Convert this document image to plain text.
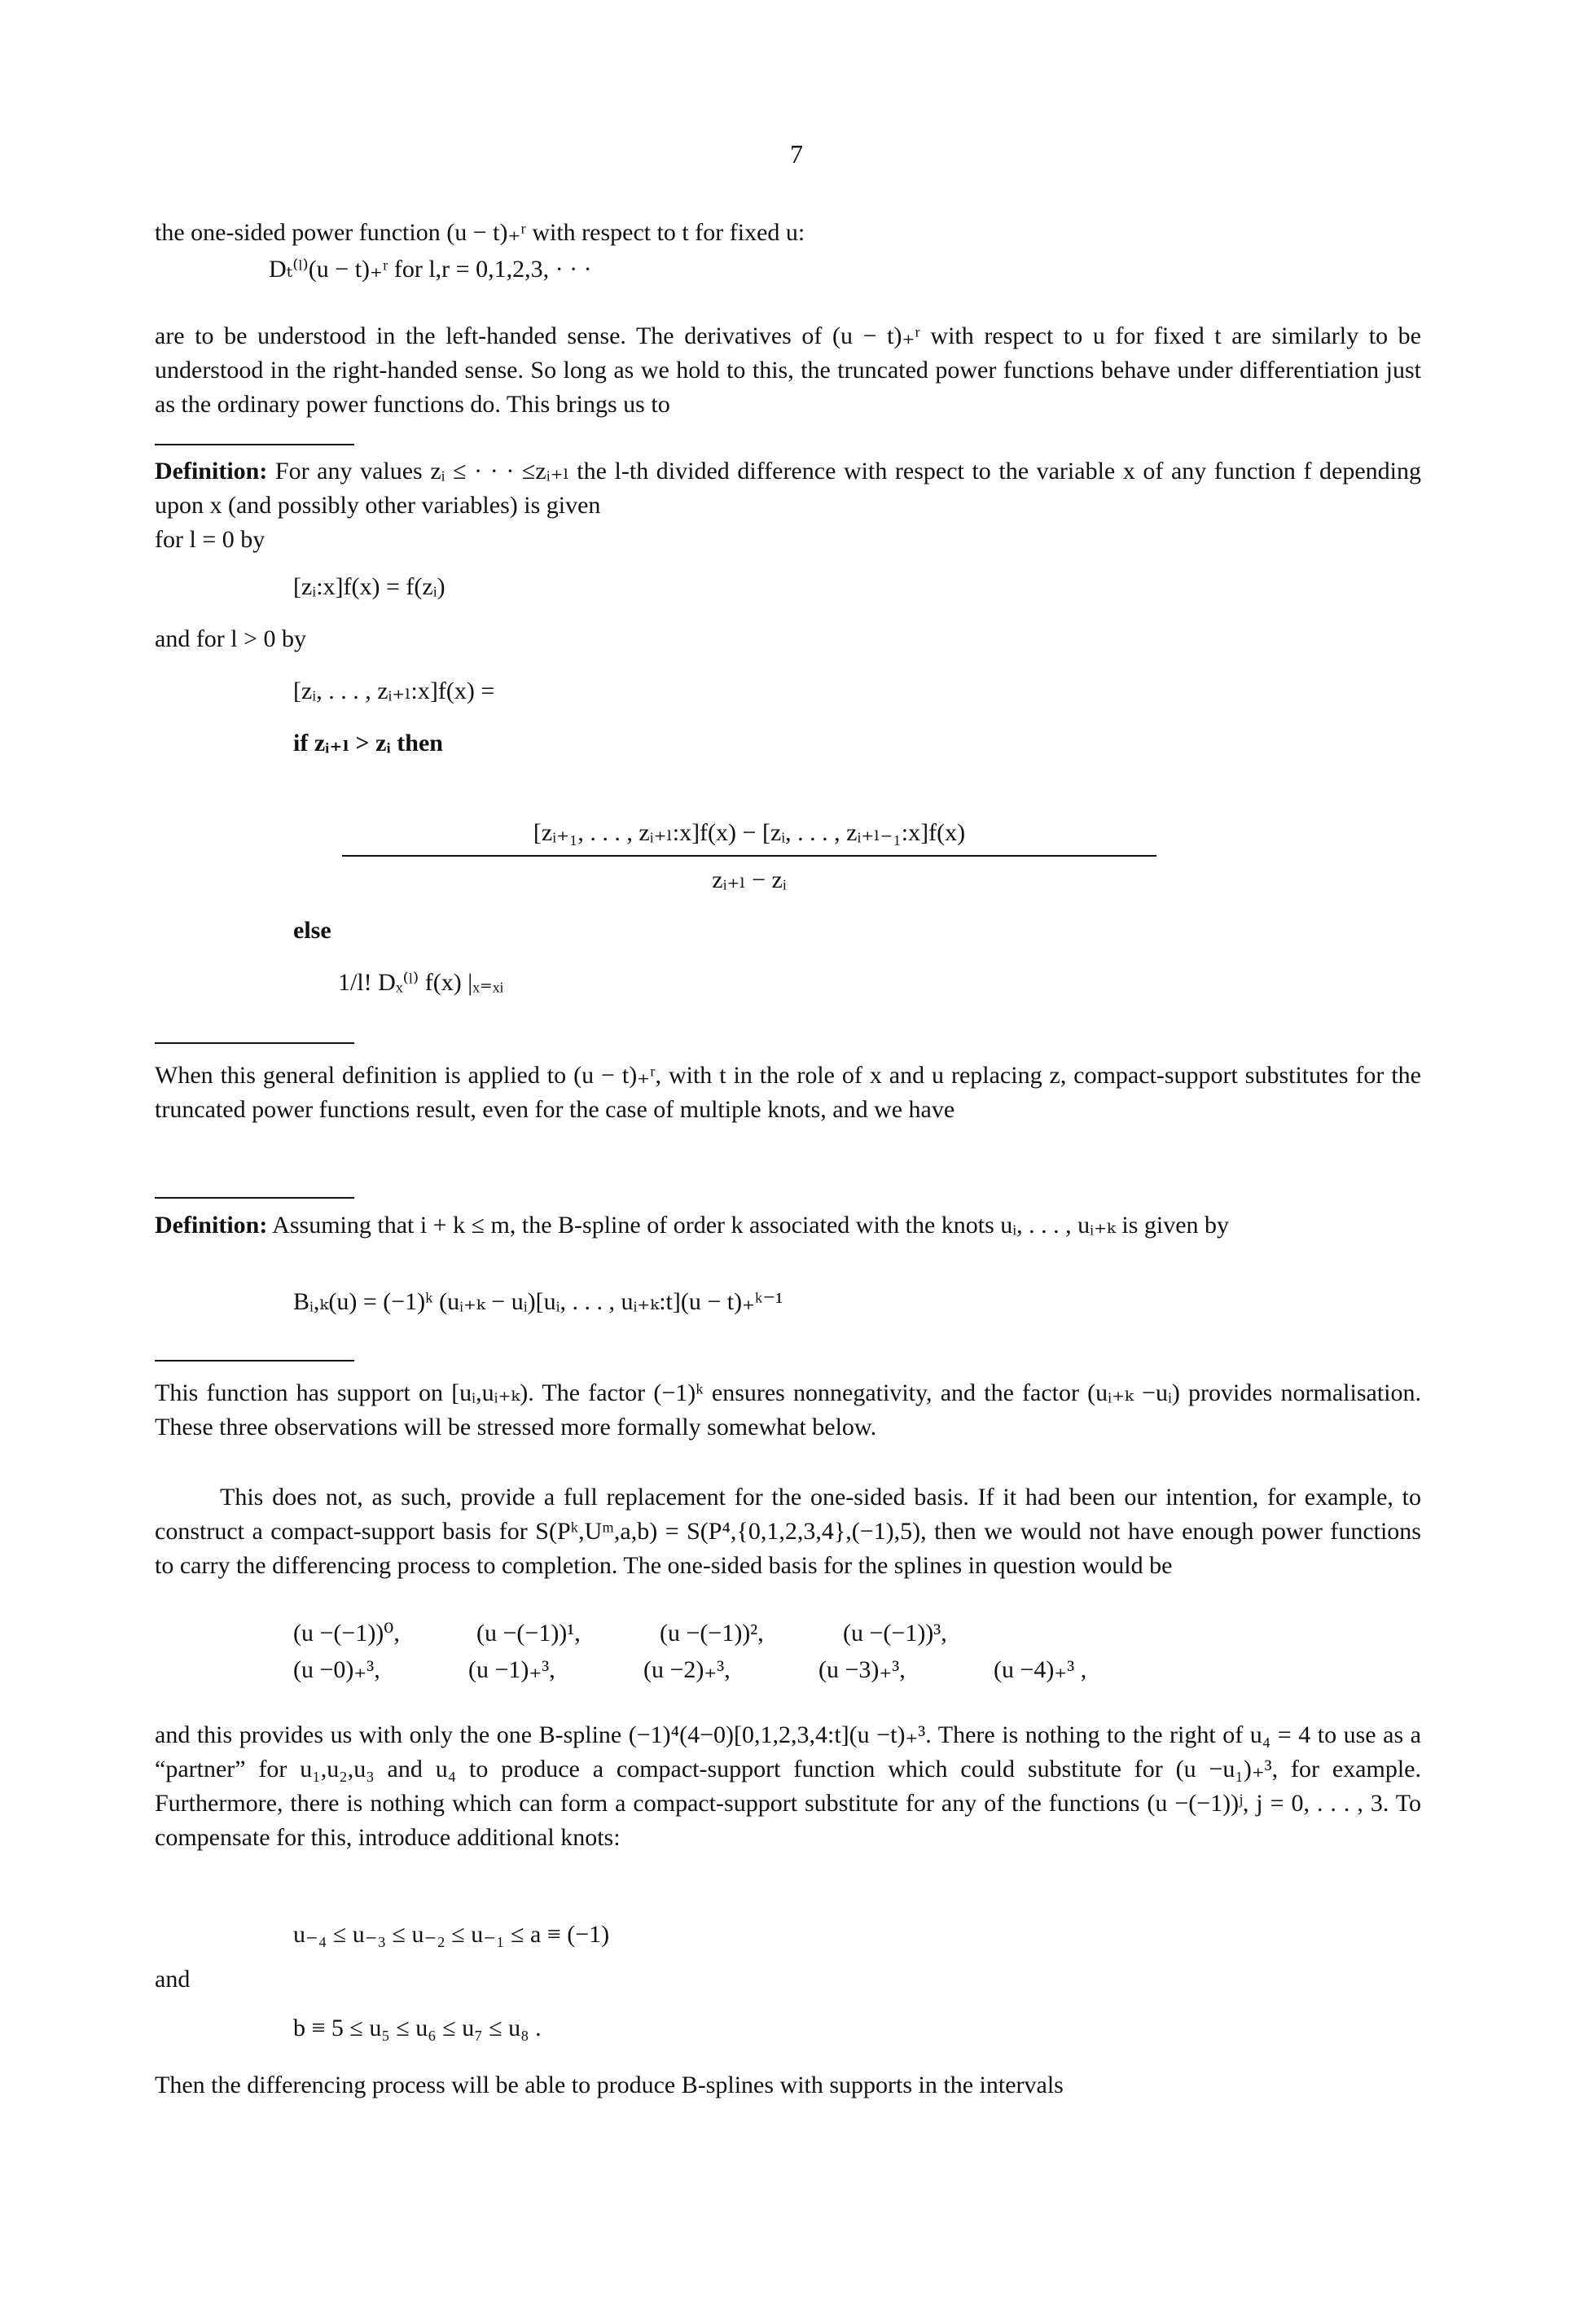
7
the one-sided power function (u − t)₊ʳ with respect to t for fixed u:
Dₜ⁽ˡ⁾(u − t)₊ʳ for l,r = 0,1,2,3, · · ·
are to be understood in the left-handed sense. The derivatives of (u − t)₊ʳ with respect to u for fixed t are similarly to be understood in the right-handed sense. So long as we hold to this, the truncated power functions behave under differentiation just as the ordinary power functions do. This brings us to
Definition: For any values zᵢ ≤ · · · ≤zᵢ₊ₗ the l-th divided difference with respect to the variable x of any function f depending upon x (and possibly other variables) is given
for l = 0 by
[zᵢ:x]f(x) = f(zᵢ)
and for l > 0 by
[zᵢ, . . . , zᵢ₊ₗ:x]f(x) =
if zᵢ₊ₗ > zᵢ then
[zᵢ₊₁, . . . , zᵢ₊ₗ:x]f(x) − [zᵢ, . . . , zᵢ₊ₗ₋₁:x]f(x)
zᵢ₊ₗ − zᵢ
else
1/l! Dₓ⁽ˡ⁾ f(x) |ₓ₌ₓᵢ
When this general definition is applied to (u − t)₊ʳ, with t in the role of x and u replacing z, compact-support substitutes for the truncated power functions result, even for the case of multiple knots, and we have
Definition: Assuming that i + k ≤ m, the B-spline of order k associated with the knots uᵢ, . . . , uᵢ₊ₖ is given by
Bᵢ,ₖ(u) = (−1)ᵏ (uᵢ₊ₖ − uᵢ)[uᵢ, . . . , uᵢ₊ₖ:t](u − t)₊ᵏ⁻¹
This function has support on [uᵢ,uᵢ₊ₖ). The factor (−1)ᵏ ensures nonnegativity, and the factor (uᵢ₊ₖ −uᵢ) provides normalisation. These three observations will be stressed more formally somewhat below.
This does not, as such, provide a full replacement for the one-sided basis. If it had been our intention, for example, to construct a compact-support basis for S(Pᵏ,Uᵐ,a,b) = S(P⁴,{0,1,2,3,4},(−1),5), then we would not have enough power functions to carry the differencing process to completion. The one-sided basis for the splines in question would be
(u −(−1))⁰,	(u −(−1))¹,	(u −(−1))²,	(u −(−1))³,
(u −0)₊³,	(u −1)₊³,	(u −2)₊³,	(u −3)₊³,	(u −4)₊³ ,
and this provides us with only the one B-spline (−1)⁴(4−0)[0,1,2,3,4:t](u −t)₊³. There is nothing to the right of u₄ = 4 to use as a “partner” for u₁,u₂,u₃ and u₄ to produce a compact-support function which could substitute for (u −u₁)₊³, for example. Furthermore, there is nothing which can form a compact-support substitute for any of the functions (u −(−1))ʲ, j = 0, . . . , 3. To compensate for this, introduce additional knots:
u₋₄ ≤ u₋₃ ≤ u₋₂ ≤ u₋₁ ≤ a ≡ (−1)
and
b ≡ 5 ≤ u₅ ≤ u₆ ≤ u₇ ≤ u₈ .
Then the differencing process will be able to produce B-splines with supports in the intervals
